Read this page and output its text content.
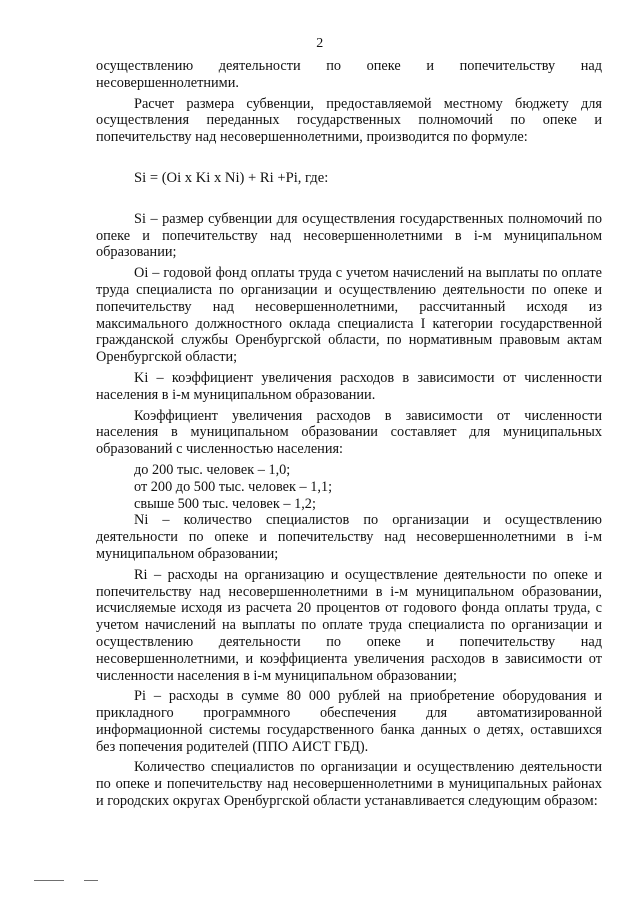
2
осуществлению деятельности по опеке и попечительству над несовершеннолетними.
Расчет размера субвенции, предоставляемой местному бюджету для осуществления переданных государственных полномочий по опеке и попечительству над несовершеннолетними, производится по формуле:
Si = (Oi x Ki x Ni) + Ri +Pi, где:
Si – размер субвенции для осуществления государственных полномочий по опеке и попечительству над несовершеннолетними в i-м муниципальном образовании;
Oi – годовой фонд оплаты труда с учетом начислений на выплаты по оплате труда специалиста по организации и осуществлению деятельности по опеке и попечительству над несовершеннолетними, рассчитанный исходя из максимального должностного оклада специалиста I категории государственной гражданской службы Оренбургской области, по нормативным правовым актам Оренбургской области;
Ki – коэффициент увеличения расходов в зависимости от численности населения в i-м муниципальном образовании.
Коэффициент увеличения расходов в зависимости от численности населения в муниципальном образовании составляет для муниципальных образований с численностью населения:
до 200 тыс. человек – 1,0;
от 200 до 500 тыс. человек – 1,1;
свыше 500 тыс. человек – 1,2;
Ni – количество специалистов по организации и осуществлению деятельности по опеке и попечительству над несовершеннолетними в i-м муниципальном образовании;
Ri – расходы на организацию и осуществление деятельности по опеке и попечительству над несовершеннолетними в i-м муниципальном образовании, исчисляемые исходя из расчета 20 процентов от годового фонда оплаты труда, с учетом начислений на выплаты по оплате труда специалиста по организации и осуществлению деятельности по опеке и попечительству над несовершеннолетними, и коэффициента увеличения расходов в зависимости от численности населения в i-м муниципальном образовании;
Pi – расходы в сумме 80 000 рублей на приобретение оборудования и прикладного программного обеспечения для автоматизированной информационной системы государственного банка данных о детях, оставшихся без попечения родителей (ППО АИСТ ГБД).
Количество специалистов по организации и осуществлению деятельности по опеке и попечительству над несовершеннолетними в муниципальных районах и городских округах Оренбургской области устанавливается следующим образом:
